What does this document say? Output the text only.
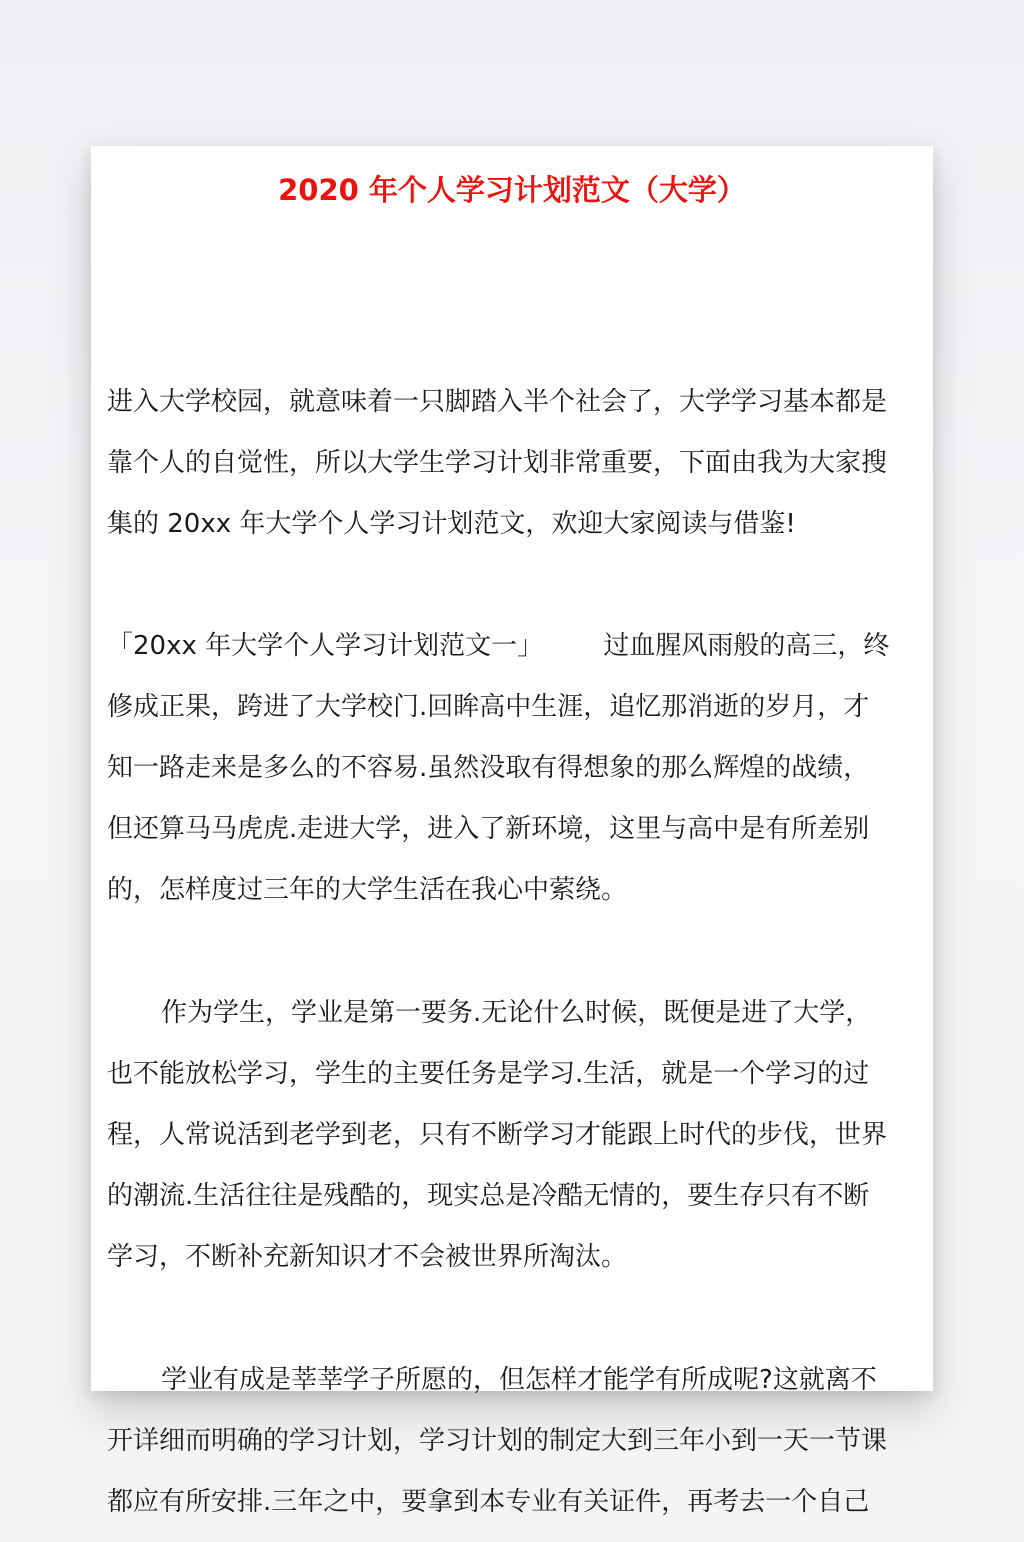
2020 年个人学习计划范文（大学）
进入大学校园，就意味着一只脚踏入半个社会了，大学学习基本都是
靠个人的自觉性，所以大学生学习计划非常重要，下面由我为大家搜
集的 20xx 年大学个人学习计划范文，欢迎大家阅读与借鉴!
「20xx 年大学个人学习计划范文一」 　　过血腥风雨般的高三，终
修成正果，跨进了大学校门.回眸高中生涯，追忆那消逝的岁月，才
知一路走来是多么的不容易.虽然没取有得想象的那么辉煌的战绩，
但还算马马虎虎.走进大学，进入了新环境，这里与高中是有所差别
的，怎样度过三年的大学生活在我心中萦绕。
作为学生，学业是第一要务.无论什么时候，既便是进了大学，
也不能放松学习，学生的主要任务是学习.生活，就是一个学习的过
程，人常说活到老学到老，只有不断学习才能跟上时代的步伐，世界
的潮流.生活往往是残酷的，现实总是冷酷无情的，要生存只有不断
学习，不断补充新知识才不会被世界所淘汰。
学业有成是莘莘学子所愿的，但怎样才能学有所成呢?这就离不
开详细而明确的学习计划，学习计划的制定大到三年小到一天一节课
都应有所安排.三年之中，要拿到本专业有关证件，再考去一个自己
